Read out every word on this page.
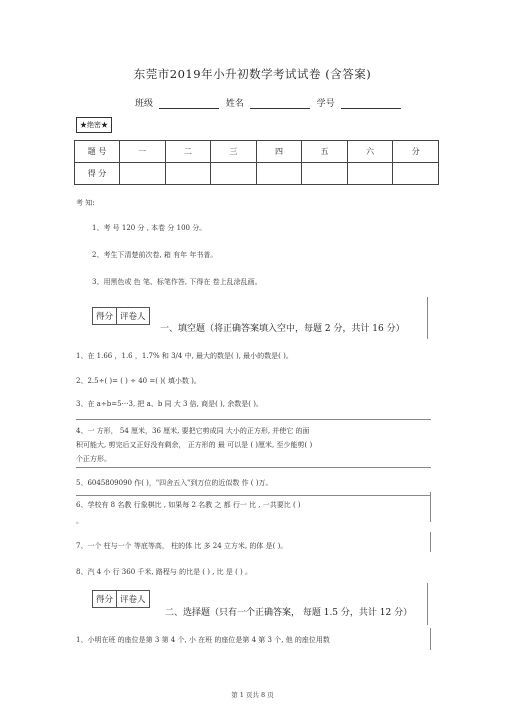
东莞市2019年小升初数学考试试卷 (含答案)
班级	姓名	学号
★绝密★
题 号	一	二	三	四	五	六	分
得 分							
考 知:
1、考 号 120 分 , 本卷 分 100 分。
2、考生下清楚前次卷, 箱 有年 年书普。
3、用黑色或 色 笔、标笔作答, 下得在 卷上乱涂乱画。
得分 评卷人
一、填空题（将正确答案填入空中，每题 2 分，共计 16 分）
1、在 1.66 ，1.6 ，1.7% 和 3/4 中, 最大的数是( ), 最小的数是( )。
2、2.5÷( )= ( ) ÷ 40 =( )( 填小数 )。
3、在 a÷b=5⋯3, 把 a、b 同 大 3 倍, 商是( ), 余数是( )。
4、一 方形， 54 厘米，36 厘米, 要把它剪成同 大小的正方形, 并使它 的面
积可能大, 剪完后又正好没有剩余， 正方形的 最 可以是 ( )厘米, 至少能剪( )
个正方形。
5、6045809090 作( )，"四舍五入"到万位的近似数 作 ( )万。
6、学校有 8 名教 行象棋比 , 如果每 2 名教 之 都 行一 比 , 一共要比 ( )
。
7、一个 柱与一个 等底等高， 柱的体 比 多 24 立方米, 的体 是( )。
8、汽 4 小 行 360 千米, 路程与 的比是 ( ) , 比 是 ( ) 。
得分 评卷人
二、选择题（只有一个正确答案， 每题 1.5 分，共计 12 分）
1、小明在班 的座位是第 3 第 4 个, 小 在班 的座位是第 4 第 3 个, 他 的座位用数
第 1 页共 8 页
